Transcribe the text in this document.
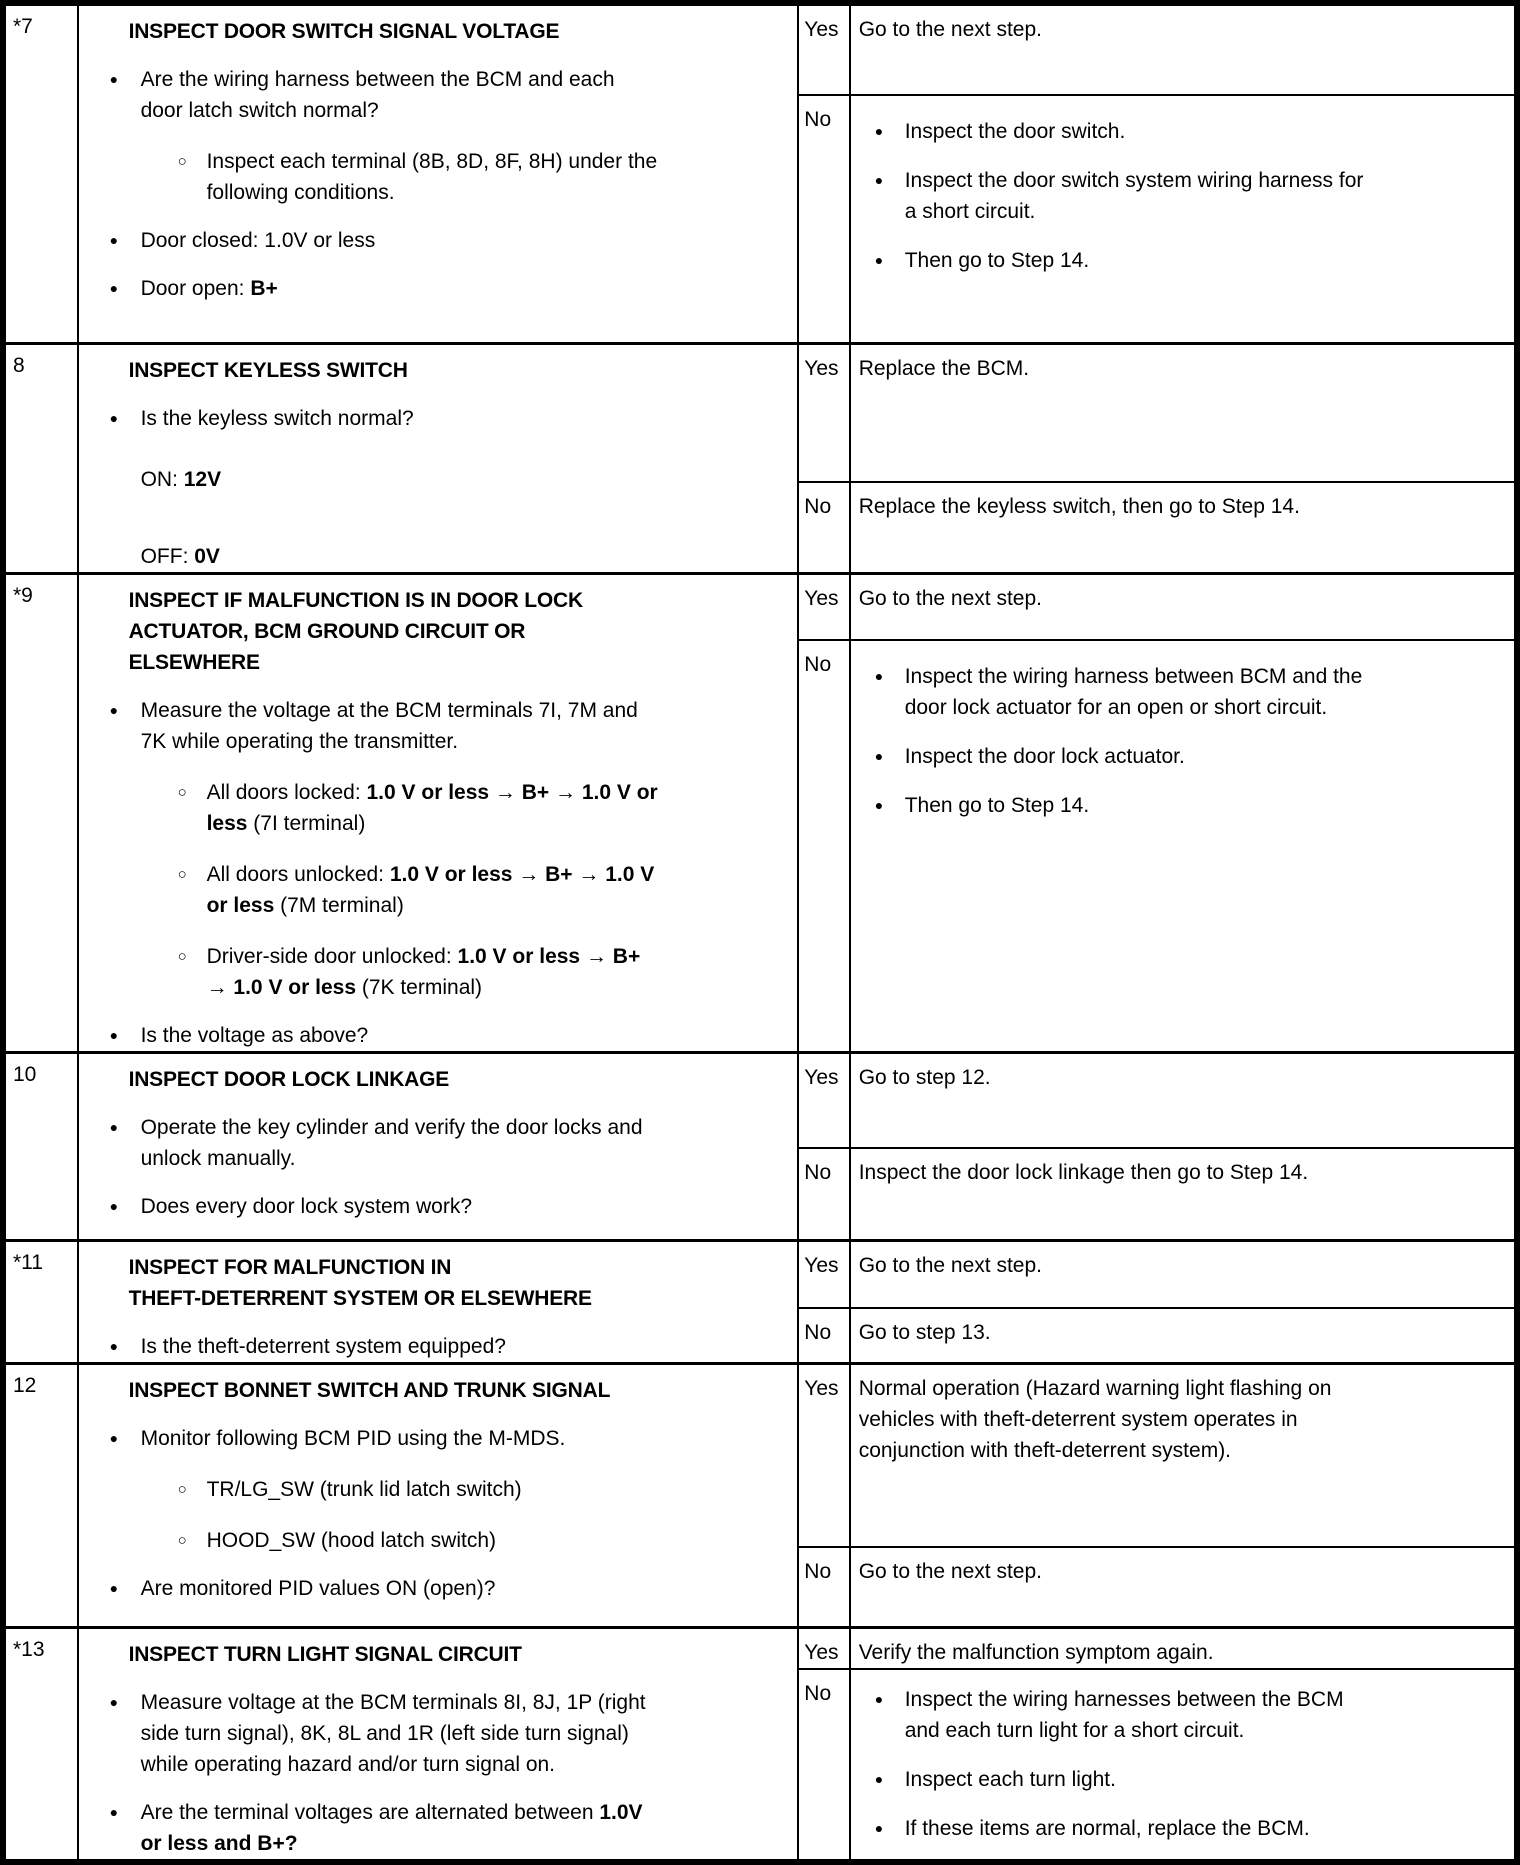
*7	INSPECT DOOR SWITCH SIGNAL VOLTAGE
●	Are the wiring harness between the BCM and each door latch switch normal?
○ Inspect each terminal (8B, 8D, 8F, 8H) under the following conditions.
●	Door closed: 1.0V or less
●	Door open: B+

Yes	Go to the next step.

No	●	Inspect the door switch.
●	Inspect the door switch system wiring harness for a short circuit.
●	Then go to Step 14.

8	INSPECT KEYLESS SWITCH
● Is the keyless switch normal?
ON: 12V
OFF: 0V	Yes	Replace the BCM.

		No	Replace the keyless switch, then go to Step 14.

*9	INSPECT IF MALFUNCTION IS IN DOOR LOCK
ACTUATOR, BCM GROUND CIRCUIT OR
ELSEWHERE
●	Measure the voltage at the BCM terminals 7I, 7M and 7K while operating the transmitter.
○ All doors locked: 1.0 V or less → B+ → 1.0 V or less (7I terminal)
○ All doors unlocked: 1.0 V or less → B+ → 1.0 V or less (7M terminal)
○ Driver-side door unlocked: 1.0 V or less → B+ → 1.0 V or less (7K terminal)
●	Is the voltage as above?

Yes	Go to the next step.

No	●	Inspect the wiring harness between BCM and the door lock actuator for an open or short circuit.
●	Inspect the door lock actuator.
●	Then go to Step 14.

10	INSPECT DOOR LOCK LINKAGE
● Operate the key cylinder and verify the door locks and unlock manually.
● Does every door lock system work?	Yes	Go to step 12.

		No	Inspect the door lock linkage then go to Step 14.

*11	INSPECT FOR MALFUNCTION IN
THEFT-DETERRENT SYSTEM OR ELSEWHERE
● Is the theft-deterrent system equipped?	Yes	Go to the next step.

		No	Go to step 13.

12	INSPECT BONNET SWITCH AND TRUNK SIGNAL
●	Monitor following BCM PID using the M-MDS.
○ TR/LG_SW (trunk lid latch switch)
○ HOOD_SW (hood latch switch)
●	Are monitored PID values ON (open)?

Yes	Normal operation (Hazard warning light flashing on vehicles with theft-deterrent system operates in conjunction with theft-deterrent system).

		No	Go to the next step.

*13	INSPECT TURN LIGHT SIGNAL CIRCUIT
● Measure voltage at the BCM terminals 8I, 8J, 1P (right side turn signal), 8K, 8L and 1R (left side turn signal) while operating hazard and/or turn signal on.
● Are the terminal voltages are alternated between 1.0V or less and B+?	Yes	Verify the malfunction symptom again.

No	●	Inspect the wiring harnesses between the BCM and each turn light for a short circuit.
●	Inspect each turn light.
●	If these items are normal, replace the BCM.
